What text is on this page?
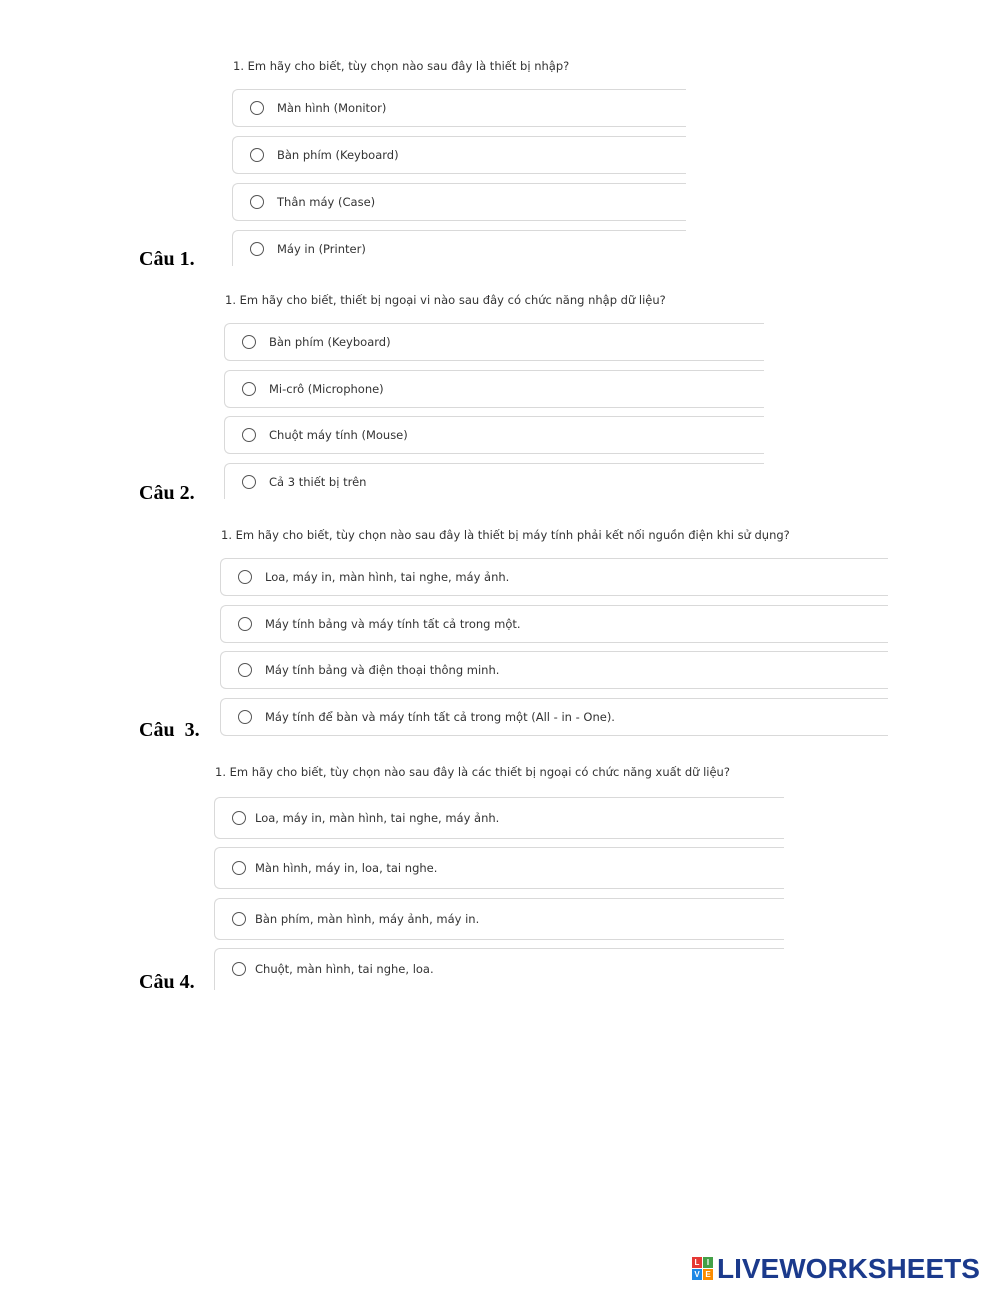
Câu 1.
1. Em hãy cho biết, tùy chọn nào sau đây là thiết bị nhập?
Màn hình (Monitor)
Bàn phím (Keyboard)
Thân máy (Case)
Máy in (Printer)
Câu 2.
1. Em hãy cho biết, thiết bị ngoại vi nào sau đây có chức năng nhập dữ liệu?
Bàn phím (Keyboard)
Mi-crô (Microphone)
Chuột máy tính (Mouse)
Cả 3 thiết bị trên
Câu  3.
1. Em hãy cho biết, tùy chọn nào sau đây là thiết bị máy tính phải kết nối nguồn điện khi sử dụng?
Loa, máy in, màn hình, tai nghe, máy ảnh.
Máy tính bảng và máy tính tất cả trong một.
Máy tính bảng và điện thoại thông minh.
Máy tính để bàn và máy tính tất cả trong một (All - in - One).
Câu 4.
1. Em hãy cho biết, tùy chọn nào sau đây là các thiết bị ngoại có chức năng xuất dữ liệu?
Loa, máy in, màn hình, tai nghe, máy ảnh.
Màn hình, máy in, loa, tai nghe.
Bàn phím, màn hình, máy ảnh, máy in.
Chuột, màn hình, tai nghe, loa.
L I
V E LIVEWORKSHEETS
